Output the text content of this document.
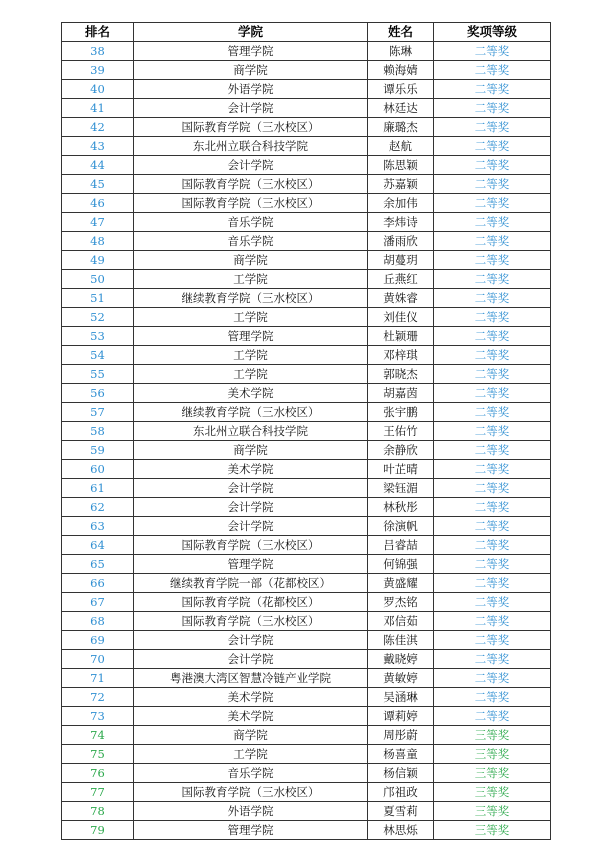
排名	学院	姓名	奖项等级
38	管理学院	陈琳	二等奖
39	商学院	赖海婧	二等奖
40	外语学院	谭乐乐	二等奖
41	会计学院	林廷达	二等奖
42	国际教育学院（三水校区）	廉璐杰	二等奖
43	东北州立联合科技学院	赵航	二等奖
44	会计学院	陈思颖	二等奖
45	国际教育学院（三水校区）	苏嘉颖	二等奖
46	国际教育学院（三水校区）	余加伟	二等奖
47	音乐学院	李炜诗	二等奖
48	音乐学院	潘雨欣	二等奖
49	商学院	胡蔓玥	二等奖
50	工学院	丘燕红	二等奖
51	继续教育学院（三水校区）	黄姝睿	二等奖
52	工学院	刘佳仪	二等奖
53	管理学院	杜颖珊	二等奖
54	工学院	邓梓琪	二等奖
55	工学院	郭晓杰	二等奖
56	美术学院	胡嘉茵	二等奖
57	继续教育学院（三水校区）	张宇鹏	二等奖
58	东北州立联合科技学院	王佑竹	二等奖
59	商学院	余静欣	二等奖
60	美术学院	叶芷晴	二等奖
61	会计学院	梁钰湄	二等奖
62	会计学院	林秋彤	二等奖
63	会计学院	徐演帆	二等奖
64	国际教育学院（三水校区）	吕睿喆	二等奖
65	管理学院	何锦强	二等奖
66	继续教育学院一部（花都校区）	黄盛耀	二等奖
67	国际教育学院（花都校区）	罗杰铭	二等奖
68	国际教育学院（三水校区）	邓信茹	二等奖
69	会计学院	陈佳淇	二等奖
70	会计学院	戴晓婷	二等奖
71	粤港澳大湾区智慧冷链产业学院	黄敏婷	二等奖
72	美术学院	吴涵琳	二等奖
73	美术学院	谭莉婷	二等奖
74	商学院	周彤蔚	三等奖
75	工学院	杨喜童	三等奖
76	音乐学院	杨信颖	三等奖
77	国际教育学院（三水校区）	邝祖政	三等奖
78	外语学院	夏雪莉	三等奖
79	管理学院	林思烁	三等奖
